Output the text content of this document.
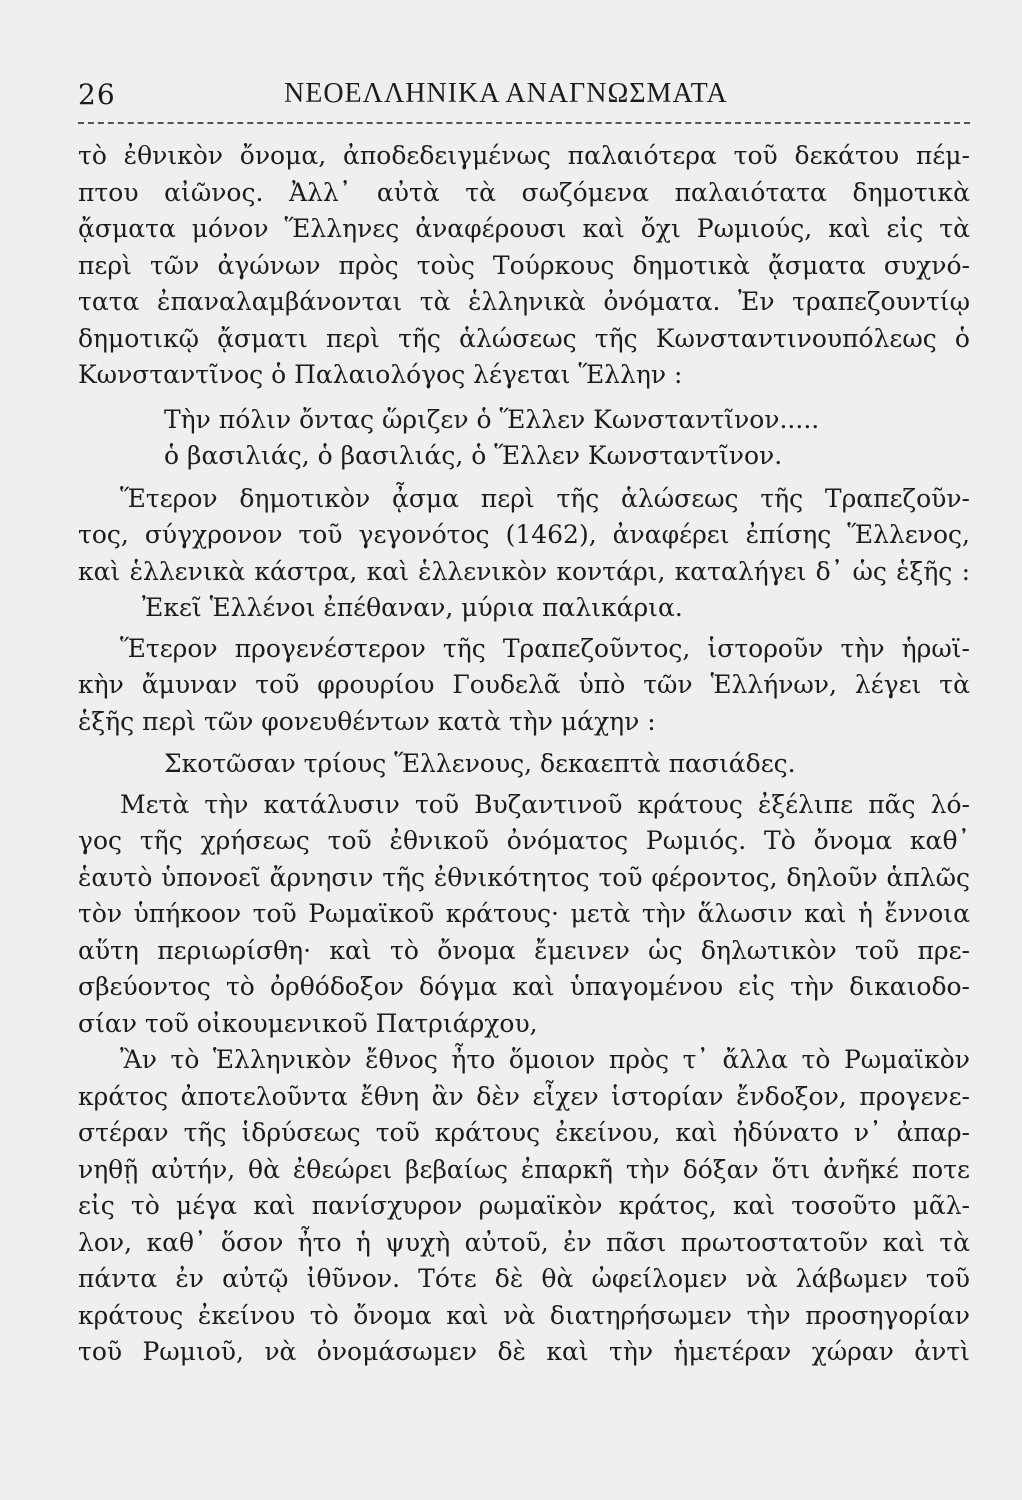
26	ΝΕΟΕΛΛΗΝΙΚΑ ΑΝΑΓΝΩΣΜΑΤΑ
τὸ ἐθνικὸν ὄνομα, ἀποδεδειγμένως παλαιότερα τοῦ δεκάτου πέμ-
πτου αἰῶνος. Ἀλλ᾿ αὐτὰ τὰ σωζόμενα παλαιότατα δημοτικὰ
ᾄσματα μόνον Ἕλληνες ἀναφέρουσι καὶ ὄχι Ρωμιούς, καὶ εἰς τὰ
περὶ τῶν ἀγώνων πρὸς τοὺς Τούρκους δημοτικὰ ᾄσματα συχνό-
τατα ἐπαναλαμβάνονται τὰ ἑλληνικὰ ὀνόματα. Ἐν τραπεζουντίῳ
δημοτικῷ ᾄσματι περὶ τῆς ἁλώσεως τῆς Κωνσταντινουπόλεως ὁ
Κωνσταντῖνος ὁ Παλαιολόγος λέγεται Ἕλλην :
Τὴν πόλιν ὄντας ὥριζεν ὁ Ἕλλεν Κωνσταντῖνον.....
ὁ βασιλιάς, ὁ βασιλιάς, ὁ Ἕλλεν Κωνσταντῖνον.
Ἕτερον δημοτικὸν ᾆσμα περὶ τῆς ἁλώσεως τῆς Τραπεζοῦν-
τος, σύγχρονον τοῦ γεγονότος (1462), ἀναφέρει ἐπίσης Ἕλλενος,
καὶ ἑλλενικὰ κάστρα, καὶ ἑλλενικὸν κοντάρι, καταλήγει δ᾿ ὡς ἑξῆς :
Ἐκεῖ Ἑλλένοι ἐπέθαναν, μύρια παλικάρια.
Ἕτερον προγενέστερον τῆς Τραπεζοῦντος, ἱστοροῦν τὴν ἡρωϊ-
κὴν ἄμυναν τοῦ φρουρίου Γουδελᾶ ὑπὸ τῶν Ἑλλήνων, λέγει τὰ
ἑξῆς περὶ τῶν φονευθέντων κατὰ τὴν μάχην :
Σκοτῶσαν τρίους Ἕλλενους, δεκαεπτὰ πασιάδες.
Μετὰ τὴν κατάλυσιν τοῦ Βυζαντινοῦ κράτους ἐξέλιπε πᾶς λό-
γος τῆς χρήσεως τοῦ ἐθνικοῦ ὀνόματος Ρωμιός. Τὸ ὄνομα καθ᾿
ἑαυτὸ ὑπονοεῖ ἄρνησιν τῆς ἐθνικότητος τοῦ φέροντος, δηλοῦν ἁπλῶς
τὸν ὑπήκοον τοῦ Ρωμαϊκοῦ κράτους· μετὰ τὴν ἅλωσιν καὶ ἡ ἔννοια
αὕτη περιωρίσθη· καὶ τὸ ὄνομα ἔμεινεν ὡς δηλωτικὸν τοῦ πρε-
σβεύοντος τὸ ὀρθόδοξον δόγμα καὶ ὑπαγομένου εἰς τὴν δικαιοδο-
σίαν τοῦ οἰκουμενικοῦ Πατριάρχου,
Ἂν τὸ Ἑλληνικὸν ἔθνος ἦτο ὅμοιον πρὸς τ᾿ ἄλλα τὸ Ρωμαϊκὸν
κράτος ἀποτελοῦντα ἔθνη ἂν δὲν εἶχεν ἱστορίαν ἔνδοξον, προγενε-
στέραν τῆς ἱδρύσεως τοῦ κράτους ἐκείνου, καὶ ἠδύνατο ν᾿ ἀπαρ-
νηθῇ αὐτήν, θὰ ἐθεώρει βεβαίως ἐπαρκῆ τὴν δόξαν ὅτι ἀνῆκέ ποτε
εἰς τὸ μέγα καὶ πανίσχυρον ρωμαϊκὸν κράτος, καὶ τοσοῦτο μᾶλ-
λον, καθ᾿ ὅσον ἦτο ἡ ψυχὴ αὐτοῦ, ἐν πᾶσι πρωτοστατοῦν καὶ τὰ
πάντα ἐν αὐτῷ ἰθῦνον. Τότε δὲ θὰ ὠφείλομεν νὰ λάβωμεν τοῦ
κράτους ἐκείνου τὸ ὄνομα καὶ νὰ διατηρήσωμεν τὴν προσηγορίαν
τοῦ Ρωμιοῦ, νὰ ὀνομάσωμεν δὲ καὶ τὴν ἡμετέραν χώραν ἀντὶ
